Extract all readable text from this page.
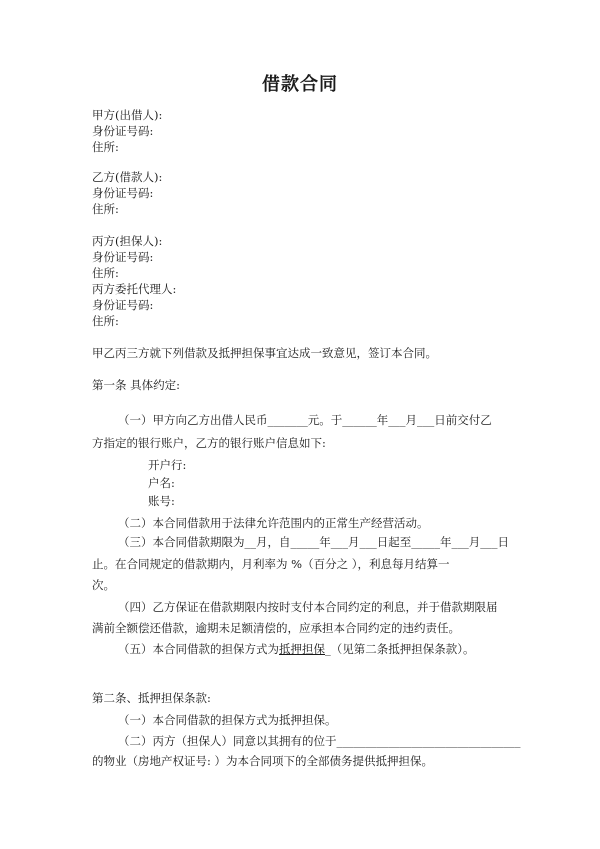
借款合同
甲方(出借人):
身份证号码:
住所:
乙方(借款人):
身份证号码:
住所:
丙方(担保人):
身份证号码:
住所:
丙方委托代理人:
身份证号码:
住所:
甲乙丙三方就下列借款及抵押担保事宜达成一致意见，签订本合同。
第一条 具体约定:
（一）甲方向乙方出借人民币_______元。于______年___月___日前交付乙
方指定的银行账户，乙方的银行账户信息如下:
开户行:
户名:
账号:
（二）本合同借款用于法律允许范围内的正常生产经营活动。
（三）本合同借款期限为__月，自_____年___月___日起至_____年___月___日
止。在合同规定的借款期内，月利率为 %（百分之 ），利息每月结算一
次。
（四）乙方保证在借款期限内按时支付本合同约定的利息，并于借款期限届
满前全额偿还借款，逾期未足额清偿的，应承担本合同约定的违约责任。
（五）本合同借款的担保方式为抵押担保_（见第二条抵押担保条款）。
第二条、抵押担保条款:
（一）本合同借款的担保方式为抵押担保。
（二）丙方（担保人）同意以其拥有的位于________________________________
的物业（房地产权证号: ）为本合同项下的全部债务提供抵押担保。
